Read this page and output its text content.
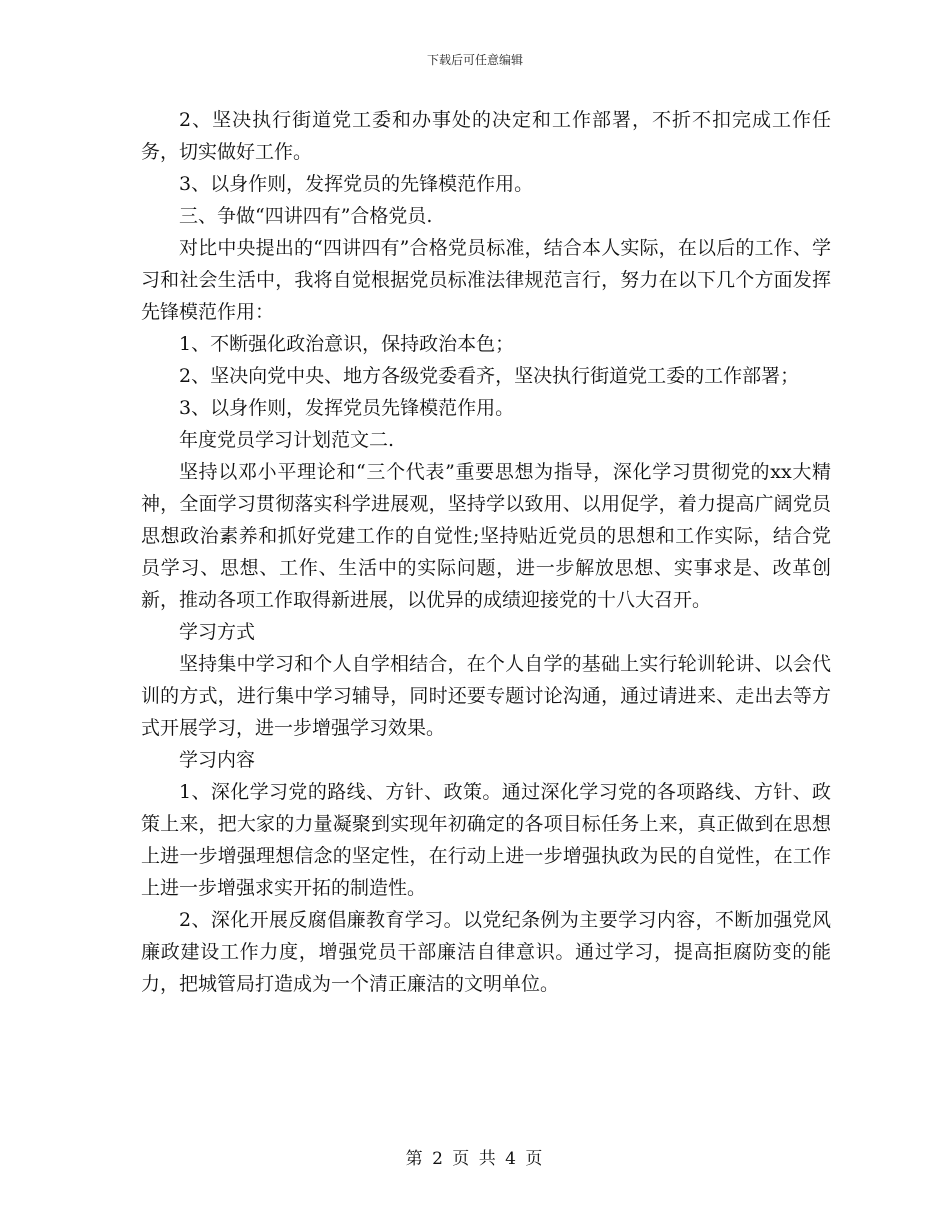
下载后可任意编辑

2、坚决执行街道党工委和办事处的决定和工作部署，不折不扣完成工作任务，切实做好工作。

3、以身作则，发挥党员的先锋模范作用。

三、争做“四讲四有”合格党员.

对比中央提出的“四讲四有”合格党员标准，结合本人实际，在以后的工作、学习和社会生活中，我将自觉根据党员标准法律规范言行，努力在以下几个方面发挥先锋模范作用：

1、不断强化政治意识，保持政治本色；

2、坚决向党中央、地方各级党委看齐，坚决执行街道党工委的工作部署；

3、以身作则，发挥党员先锋模范作用。

年度党员学习计划范文二.

坚持以邓小平理论和“三个代表”重要思想为指导，深化学习贯彻党的xx大精神，全面学习贯彻落实科学进展观，坚持学以致用、以用促学，着力提高广阔党员思想政治素养和抓好党建工作的自觉性;坚持贴近党员的思想和工作实际，结合党员学习、思想、工作、生活中的实际问题，进一步解放思想、实事求是、改革创新，推动各项工作取得新进展，以优异的成绩迎接党的十八大召开。

学习方式

坚持集中学习和个人自学相结合，在个人自学的基础上实行轮训轮讲、以会代训的方式，进行集中学习辅导，同时还要专题讨论沟通，通过请进来、走出去等方式开展学习，进一步增强学习效果。

学习内容

1、深化学习党的路线、方针、政策。通过深化学习党的各项路线、方针、政策上来，把大家的力量凝聚到实现年初确定的各项目标任务上来，真正做到在思想上进一步增强理想信念的坚定性，在行动上进一步增强执政为民的自觉性，在工作上进一步增强求实开拓的制造性。

2、深化开展反腐倡廉教育学习。以党纪条例为主要学习内容，不断加强党风廉政建设工作力度，增强党员干部廉洁自律意识。通过学习，提高拒腐防变的能力，把城管局打造成为一个清正廉洁的文明单位。

第 2 页 共 4 页
